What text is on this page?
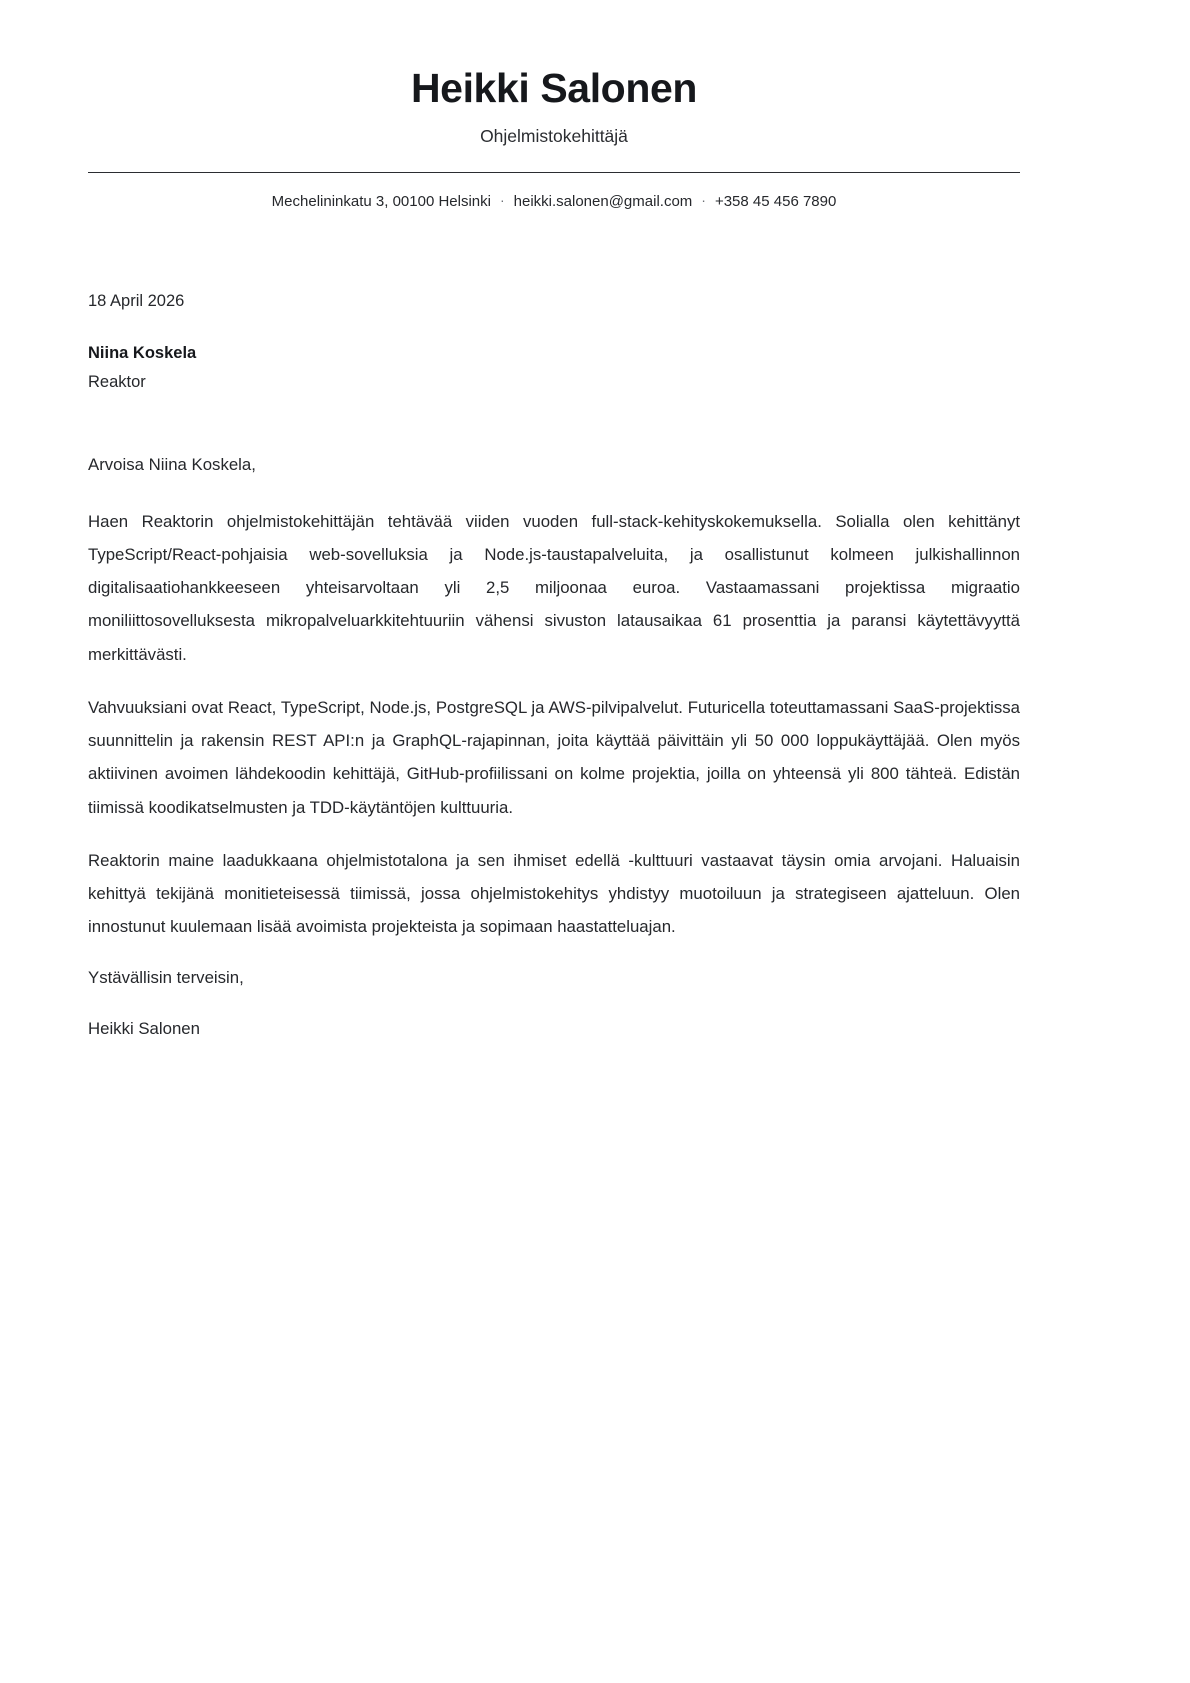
Heikki Salonen
Ohjelmistokehittäjä
Mechelininkatu 3, 00100 Helsinki · heikki.salonen@gmail.com · +358 45 456 7890
18 April 2026
Niina Koskela
Reaktor

Arvoisa Niina Koskela,

Haen Reaktorin ohjelmistokehittäjän tehtävää viiden vuoden full-stack-kehityskokemuksella. Solialla olen kehittänyt TypeScript/React-pohjaisia web-sovelluksia ja Node.js-taustapalveluita, ja osallistunut kolmeen julkishallinnon digitalisaatiohankkeeseen yhteisarvoltaan yli 2,5 miljoonaa euroa. Vastaamassani projektissa migraatio moniliittosovelluksesta mikropalveluarkkitehtuuriin vähensi sivuston latausaikaa 61 prosenttia ja paransi käytettävyyttä merkittävästi.

Vahvuuksiani ovat React, TypeScript, Node.js, PostgreSQL ja AWS-pilvipalvelut. Futuricella toteuttamassani SaaS-projektissa suunnittelin ja rakensin REST API:n ja GraphQL-rajapinnan, joita käyttää päivittäin yli 50 000 loppukäyttäjää. Olen myös aktiivinen avoimen lähdekoodin kehittäjä, GitHub-profiilissani on kolme projektia, joilla on yhteensä yli 800 tähteä. Edistän tiimissä koodikatselmusten ja TDD-käytäntöjen kulttuuria.

Reaktorin maine laadukkaana ohjelmistotalona ja sen ihmiset edellä -kulttuuri vastaavat täysin omia arvojani. Haluaisin kehittyä tekijänä monitieteisessä tiimissä, jossa ohjelmistokehitys yhdistyy muotoiluun ja strategiseen ajatteluun. Olen innostunut kuulemaan lisää avoimista projekteista ja sopimaan haastatteluajan.

Ystävällisin terveisin,

Heikki Salonen
